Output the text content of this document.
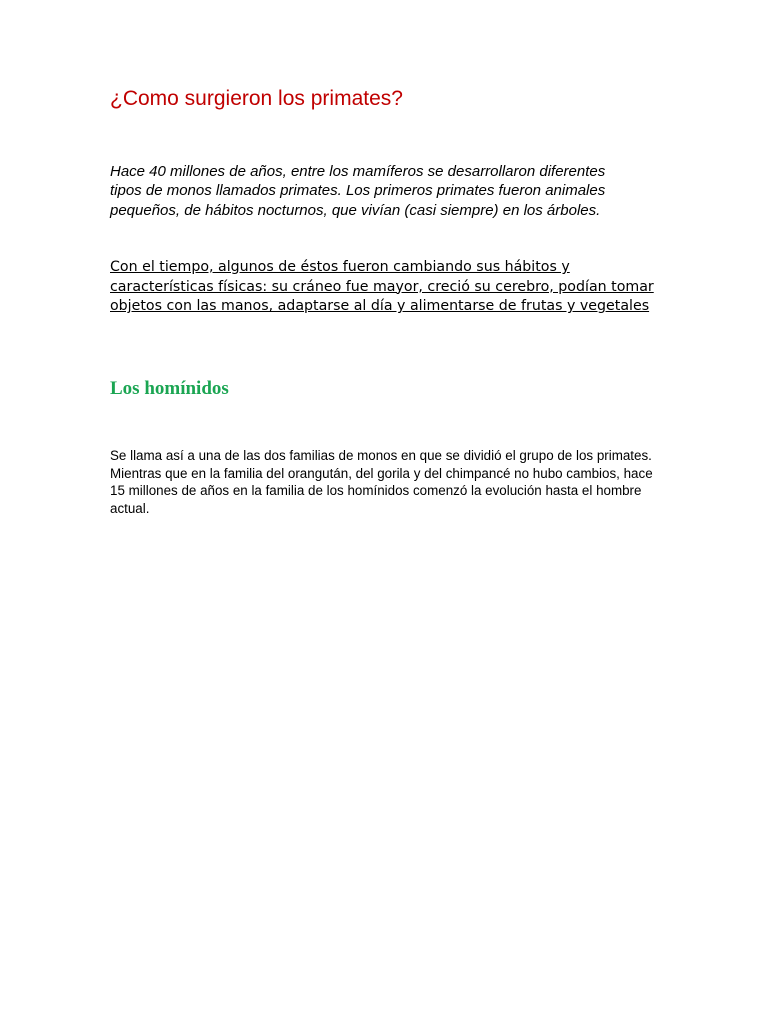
¿Como surgieron los primates?

Hace 40 millones de años, entre los mamíferos se desarrollaron diferentes tipos de monos llamados primates. Los primeros primates fueron animales pequeños, de hábitos nocturnos, que vivían (casi siempre) en los árboles.

Con el tiempo, algunos de éstos fueron cambiando sus hábitos y características físicas: su cráneo fue mayor, creció su cerebro, podían tomar objetos con las manos, adaptarse al día y alimentarse de frutas y vegetales

Los homínidos

Se llama así a una de las dos familias de monos en que se dividió el grupo de los primates. Mientras que en la familia del orangután, del gorila y del chimpancé no hubo cambios, hace 15 millones de años en la familia de los homínidos comenzó la evolución hasta el hombre actual.
